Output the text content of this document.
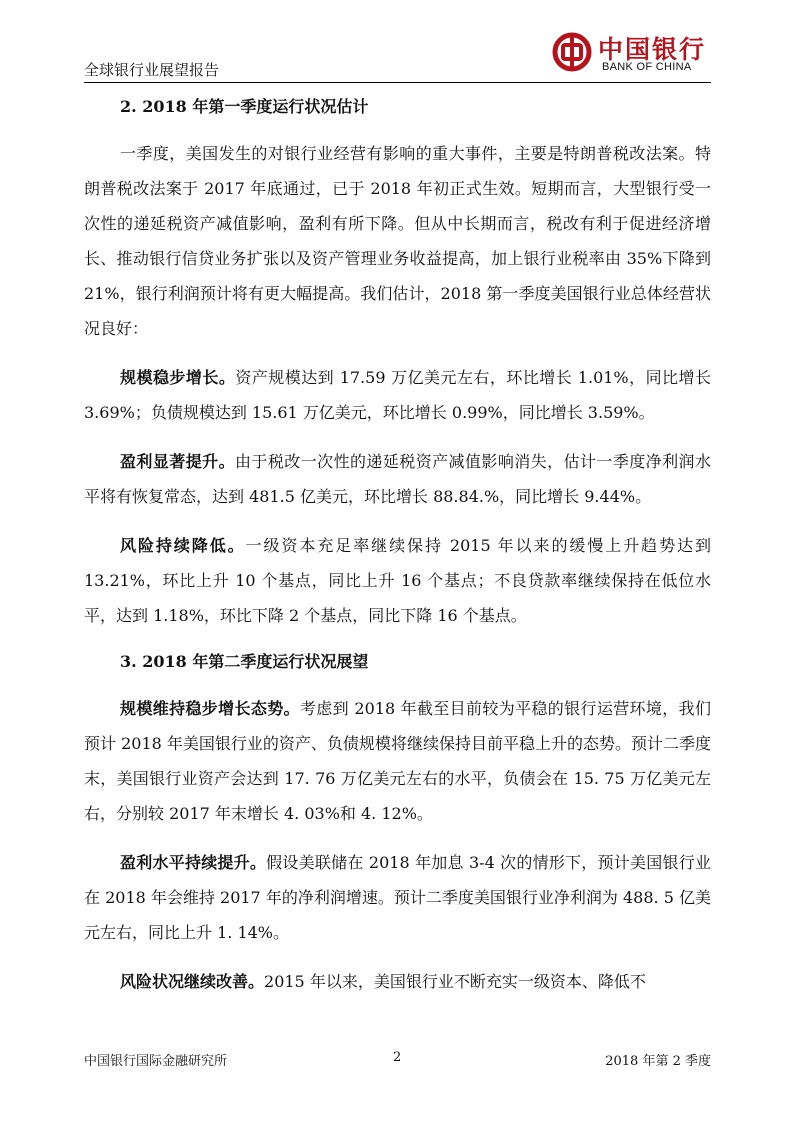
全球银行业展望报告
中国银行
BANK OF CHINA
2. 2018 年第一季度运行状况估计

一季度，美国发生的对银行业经营有影响的重大事件，主要是特朗普税改法案。特朗普税改法案于 2017 年底通过，已于 2018 年初正式生效。短期而言，大型银行受一次性的递延税资产减值影响，盈利有所下降。但从中长期而言，税改有利于促进经济增长、推动银行信贷业务扩张以及资产管理业务收益提高，加上银行业税率由 35%下降到 21%，银行利润预计将有更大幅提高。我们估计，2018 第一季度美国银行业总体经营状况良好：

规模稳步增长。资产规模达到 17.59 万亿美元左右，环比增长 1.01%，同比增长 3.69%；负债规模达到 15.61 万亿美元，环比增长 0.99%，同比增长 3.59%。

盈利显著提升。由于税改一次性的递延税资产减值影响消失，估计一季度净利润水平将有恢复常态，达到 481.5 亿美元，环比增长 88.84.%，同比增长 9.44%。

风险持续降低。一级资本充足率继续保持 2015 年以来的缓慢上升趋势达到 13.21%，环比上升 10 个基点，同比上升 16 个基点；不良贷款率继续保持在低位水平，达到 1.18%，环比下降 2 个基点，同比下降 16 个基点。

3. 2018 年第二季度运行状况展望

规模维持稳步增长态势。考虑到 2018 年截至目前较为平稳的银行运营环境，我们预计 2018 年美国银行业的资产、负债规模将继续保持目前平稳上升的态势。预计二季度末，美国银行业资产会达到 17. 76 万亿美元左右的水平，负债会在 15. 75 万亿美元左右，分别较 2017 年末增长 4. 03%和 4. 12%。

盈利水平持续提升。假设美联储在 2018 年加息 3-4 次的情形下，预计美国银行业在 2018 年会维持 2017 年的净利润增速。预计二季度美国银行业净利润为 488. 5 亿美元左右，同比上升 1. 14%。

风险状况继续改善。2015 年以来，美国银行业不断充实一级资本、降低不

中国银行国际金融研究所	2	2018 年第 2 季度
